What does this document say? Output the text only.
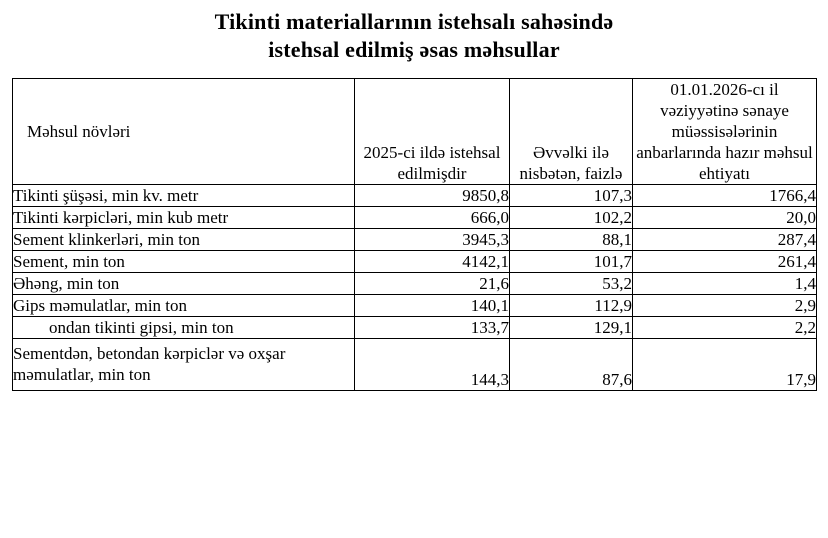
Tikinti materiallarının istehsalı sahəsində
istehsal edilmiş əsas məhsullar
Məhsul növləri	2025-ci ildə istehsal edilmişdir	Əvvəlki ilə nisbətən, faizlə	01.01.2026-cı il vəziyyətinə sənaye müəssisələrinin anbarlarında hazır məhsul ehtiyatı
Tikinti şüşəsi, min kv. metr	9850,8	107,3	1766,4
Tikinti kərpicləri, min kub metr	666,0	102,2	20,0
Sement klinkerləri, min ton	3945,3	88,1	287,4
Sement, min ton	4142,1	101,7	261,4
Əhəng, min ton	21,6	53,2	1,4
Gips məmulatlar, min ton	140,1	112,9	2,9
ondan tikinti gipsi, min ton	133,7	129,1	2,2
Sementdən, betondan kərpiclər və oxşar məmulatlar, min ton	144,3	87,6	17,9
